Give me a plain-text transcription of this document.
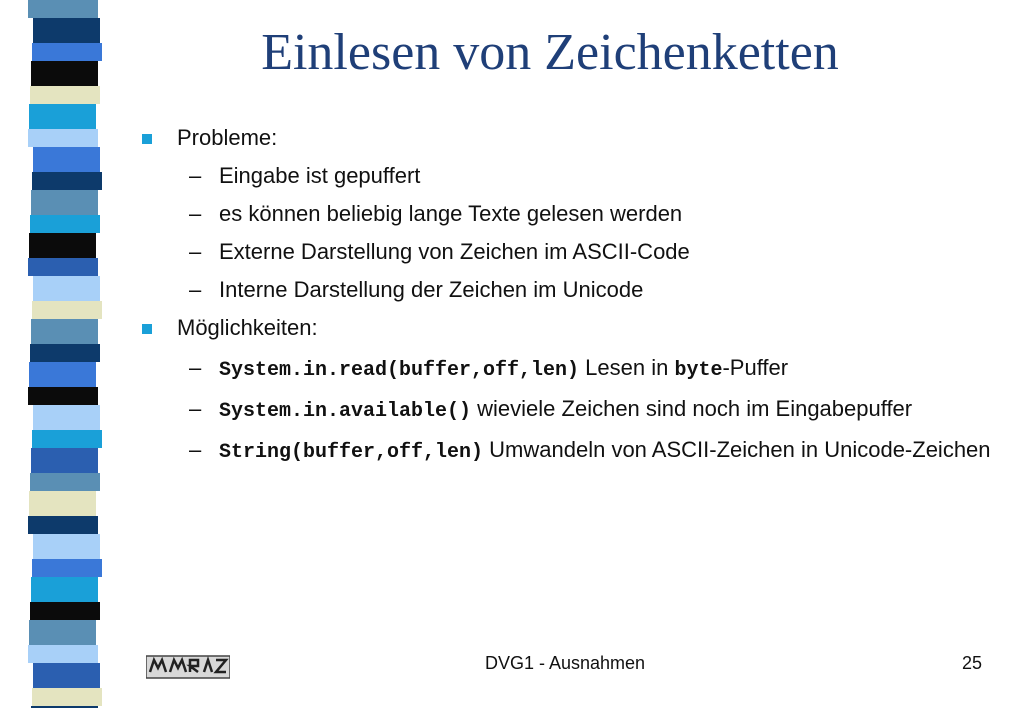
Einlesen von Zeichenketten
Probleme:
– Eingabe ist gepuffert
– es können beliebig lange Texte gelesen werden
– Externe Darstellung von Zeichen im ASCII-Code
– Interne Darstellung der Zeichen im Unicode
Möglichkeiten:
– System.in.read(buffer,off,len) Lesen in byte-Puffer
– System.in.available() wieviele Zeichen sind noch im Eingabepuffer
– String(buffer,off,len) Umwandeln von ASCII-Zeichen in Unicode-Zeichen
DVG1 - Ausnahmen	25
